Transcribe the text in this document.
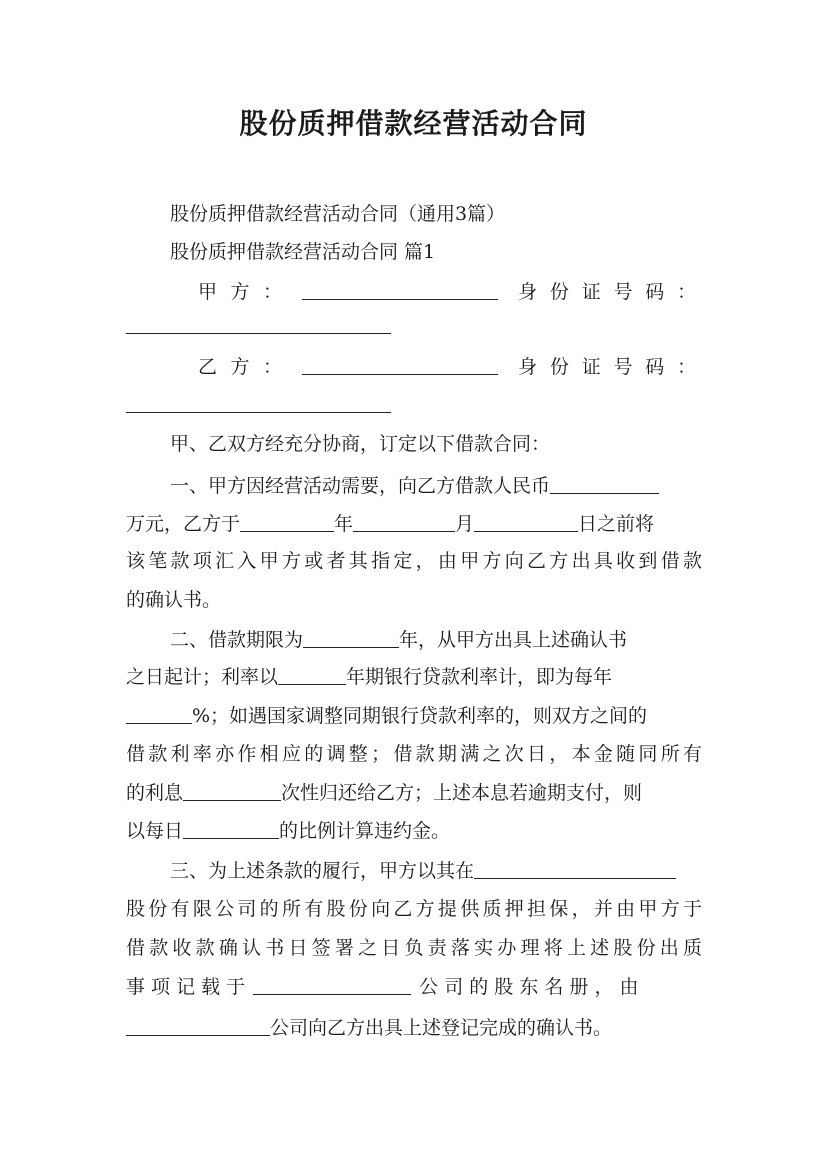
股份质押借款经营活动合同
股份质押借款经营活动合同（通用3篇）
股份质押借款经营活动合同 篇1
甲 方 ：	身 份 证 号 码 ：
乙 方 ：	身 份 证 号 码 ：
甲、乙双方经充分协商，订定以下借款合同：
一、甲方因经营活动需要，向乙方借款人民币
万元，乙方于	年	月	日之前将
该笔款项汇入甲方或者其指定，由甲方向乙方出具收到借款
的确认书。
二、借款期限为	年，从甲方出具上述确认书
之日起计；利率以	年期银行贷款利率计，即为每年
%；如遇国家调整同期银行贷款利率的，则双方之间的
借款利率亦作相应的调整；借款期满之次日，本金随同所有
的利息	次性归还给乙方；上述本息若逾期支付，则
以每日	的比例计算违约金。
三、为上述条款的履行，甲方以其在
股份有限公司的所有股份向乙方提供质押担保，并由甲方于
借款收款确认书日签署之日负责落实办理将上述股份出质
事 项 记 载 于	公 司 的 股 东 名 册 ， 由
公司向乙方出具上述登记完成的确认书。
